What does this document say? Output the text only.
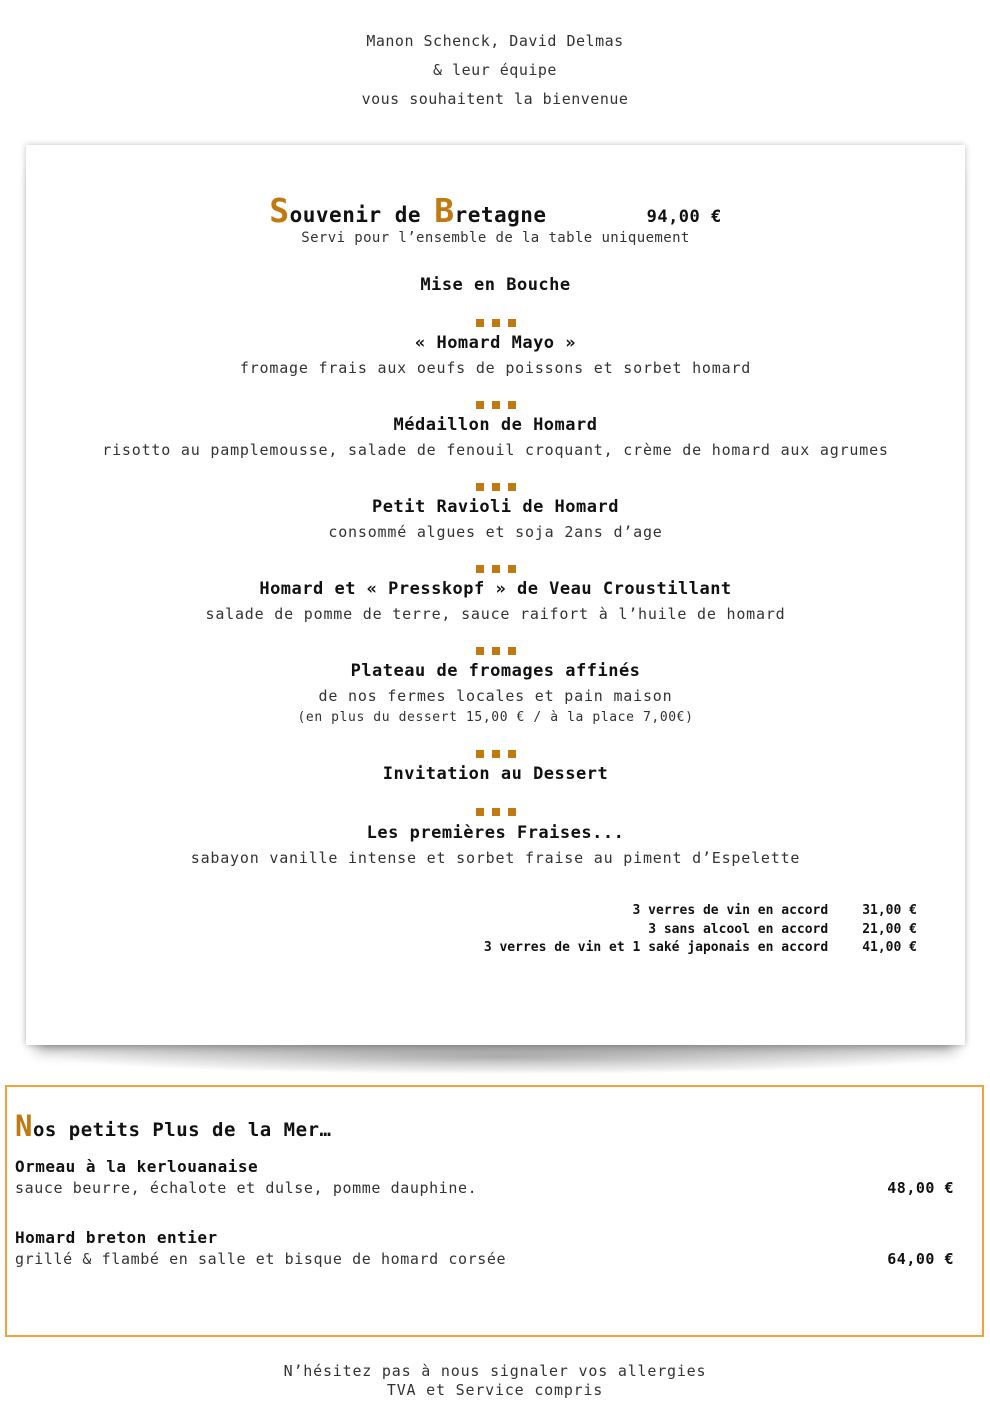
Manon Schenck, David Delmas
& leur équipe
vous souhaitent la bienvenue
Souvenir de Bretagne	94,00 €
Servi pour l’ensemble de la table uniquement
Mise en Bouche
« Homard Mayo »
fromage frais aux oeufs de poissons et sorbet homard
Médaillon de Homard
risotto au pamplemousse, salade de fenouil croquant, crème de homard aux agrumes
Petit Ravioli de Homard
consommé algues et soja 2ans d’age
Homard et « Presskopf » de Veau Croustillant
salade de pomme de terre, sauce raifort à l’huile de homard
Plateau de fromages affinés
de nos fermes locales et pain maison
(en plus du dessert 15,00 € / à la place 7,00€)
Invitation au Dessert
Les premières Fraises...
sabayon vanille intense et sorbet fraise au piment d’Espelette
3 verres de vin en accord	31,00 €
3 sans alcool en accord	21,00 €
3 verres de vin et 1 saké japonais en accord	41,00 €
Nos petits Plus de la Mer…
Ormeau à la kerlouanaise
sauce beurre, échalote et dulse, pomme dauphine.	48,00 €
Homard breton entier
grillé & flambé en salle et bisque de homard corsée	64,00 €
N’hésitez pas à nous signaler vos allergies
TVA et Service compris
